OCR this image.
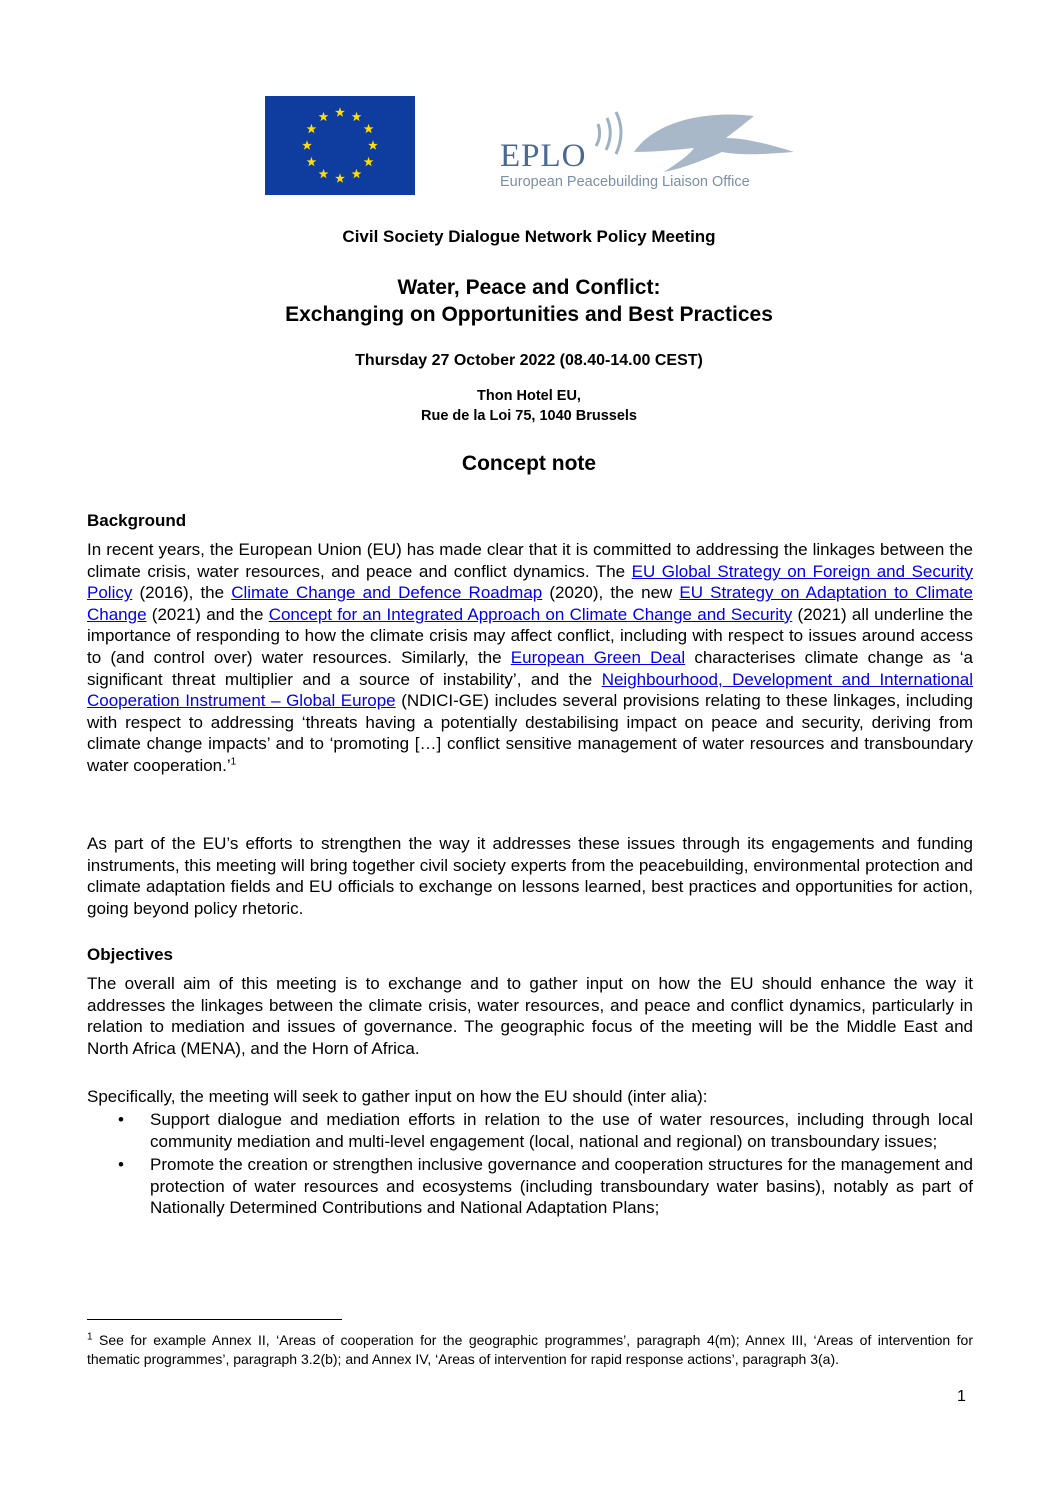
EPLO
European Peacebuilding Liaison Office
Civil Society Dialogue Network Policy Meeting
Water, Peace and Conflict:
Exchanging on Opportunities and Best Practices
Thursday 27 October 2022 (08.40-14.00 CEST)
Thon Hotel EU,
Rue de la Loi 75, 1040 Brussels
Concept note
Background
In recent years, the European Union (EU) has made clear that it is committed to addressing the linkages between the climate crisis, water resources, and peace and conflict dynamics. The EU Global Strategy on Foreign and Security Policy (2016), the Climate Change and Defence Roadmap (2020), the new EU Strategy on Adaptation to Climate Change (2021) and the Concept for an Integrated Approach on Climate Change and Security (2021) all underline the importance of responding to how the climate crisis may affect conflict, including with respect to issues around access to (and control over) water resources. Similarly, the European Green Deal characterises climate change as ‘a significant threat multiplier and a source of instability’, and the Neighbourhood, Development and International Cooperation Instrument – Global Europe (NDICI-GE) includes several provisions relating to these linkages, including with respect to addressing ‘threats having a potentially destabilising impact on peace and security, deriving from climate change impacts’ and to ‘promoting […] conflict sensitive management of water resources and transboundary water cooperation.’$^1$
As part of the EU’s efforts to strengthen the way it addresses these issues through its engagements and funding instruments, this meeting will bring together civil society experts from the peacebuilding, environmental protection and climate adaptation fields and EU officials to exchange on lessons learned, best practices and opportunities for action, going beyond policy rhetoric.
Objectives
The overall aim of this meeting is to exchange and to gather input on how the EU should enhance the way it addresses the linkages between the climate crisis, water resources, and peace and conflict dynamics, particularly in relation to mediation and issues of governance. The geographic focus of the meeting will be the Middle East and North Africa (MENA), and the Horn of Africa.
Specifically, the meeting will seek to gather input on how the EU should (inter alia):
• Support dialogue and mediation efforts in relation to the use of water resources, including through local community mediation and multi-level engagement (local, national and regional) on transboundary issues;
• Promote the creation or strengthen inclusive governance and cooperation structures for the management and protection of water resources and ecosystems (including transboundary water basins), notably as part of Nationally Determined Contributions and National Adaptation Plans;
$^1$ See for example Annex II, ‘Areas of cooperation for the geographic programmes’, paragraph 4(m); Annex III, ‘Areas of intervention for thematic programmes’, paragraph 3.2(b); and Annex IV, ‘Areas of intervention for rapid response actions’, paragraph 3(a).
1
